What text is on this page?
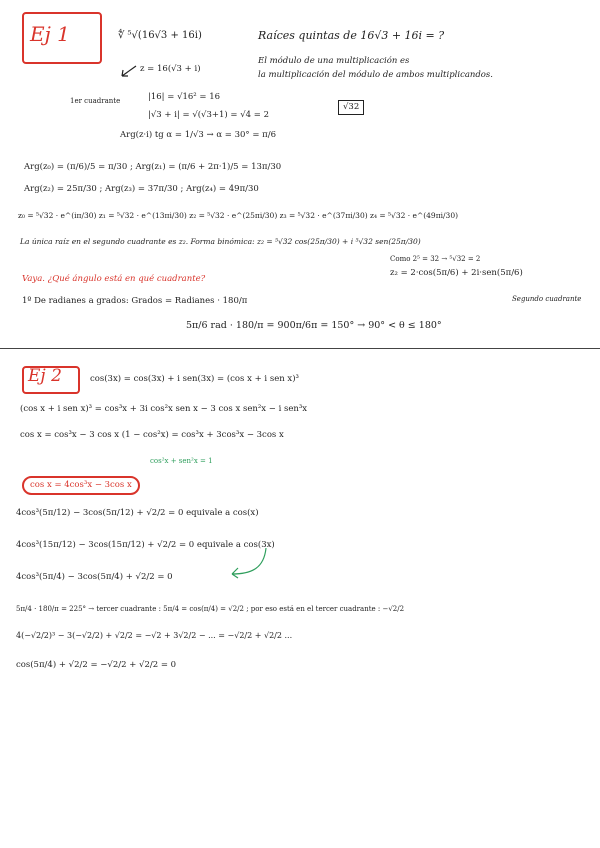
Ej 1	∜ ⁵√(16√3 + 16i)	Raíces quintas de 16√3 + 16i = ?
z = 16(√3 + i)
El módulo de una multiplicación es
la multiplicación del módulo de ambos multiplicandos.
1er cuadrante	|16| = √16² = 16
|√3 + i| = √(√3+1) = √4 = 2
√32
Arg(z·i) tg α = 1/√3 → α = 30° = π/6
Arg(z₀) = (π/6)/5 = π/30 ; Arg(z₁) = (π/6 + 2π·1)/5 = 13π/30
Arg(z₂) = 25π/30 ; Arg(z₃) = 37π/30 ; Arg(z₄) = 49π/30
z₀ = ⁵√32 · e^(iπ/30) z₁ = ⁵√32 · e^(13πi/30) z₂ = ⁵√32 · e^(25πi/30) z₃ = ⁵√32 · e^(37πi/30) z₄ = ⁵√32 · e^(49πi/30)
La única raíz en el segundo cuadrante es z₂. Forma binómica: z₂ = ⁵√32 cos(25π/30) + i ⁵√32 sen(25π/30)
Como 2⁵ = 32 → ⁵√32 = 2
z₂ = 2·cos(5π/6) + 2i·sen(5π/6)
Vaya. ¿Qué ángulo está en qué cuadrante?
1º De radianes a grados: Grados = Radianes · 180/π	Segundo cuadrante
5π/6 rad · 180/π = 900π/6π = 150° → 90° < θ ≤ 180°
Ej 2	cos(3x) = cos(3x) + i sen(3x) = (cos x + i sen x)³
(cos x + i sen x)³ = cos³x + 3i cos²x sen x − 3 cos x sen²x − i sen³x
cos x = cos³x − 3 cos x (1 − cos²x) = cos³x + 3cos³x − 3cos x
cos²x + sen²x = 1
cos x = 4cos³x − 3cos x
4cos³(5π/12) − 3cos(5π/12) + √2/2 = 0 equivale a cos(x)
4cos³(15π/12) − 3cos(15π/12) + √2/2 = 0 equivale a cos(3x)
4cos³(5π/4) − 3cos(5π/4) + √2/2 = 0
5π/4 · 180/π = 225° → tercer cuadrante : 5π/4 = cos(π/4) = √2/2 ; por eso está en el tercer cuadrante : −√2/2
4(−√2/2)³ − 3(−√2/2) + √2/2 = −√2 + 3√2/2 − ... = −√2/2 + √2/2 ...
cos(5π/4) + √2/2 = −√2/2 + √2/2 = 0
